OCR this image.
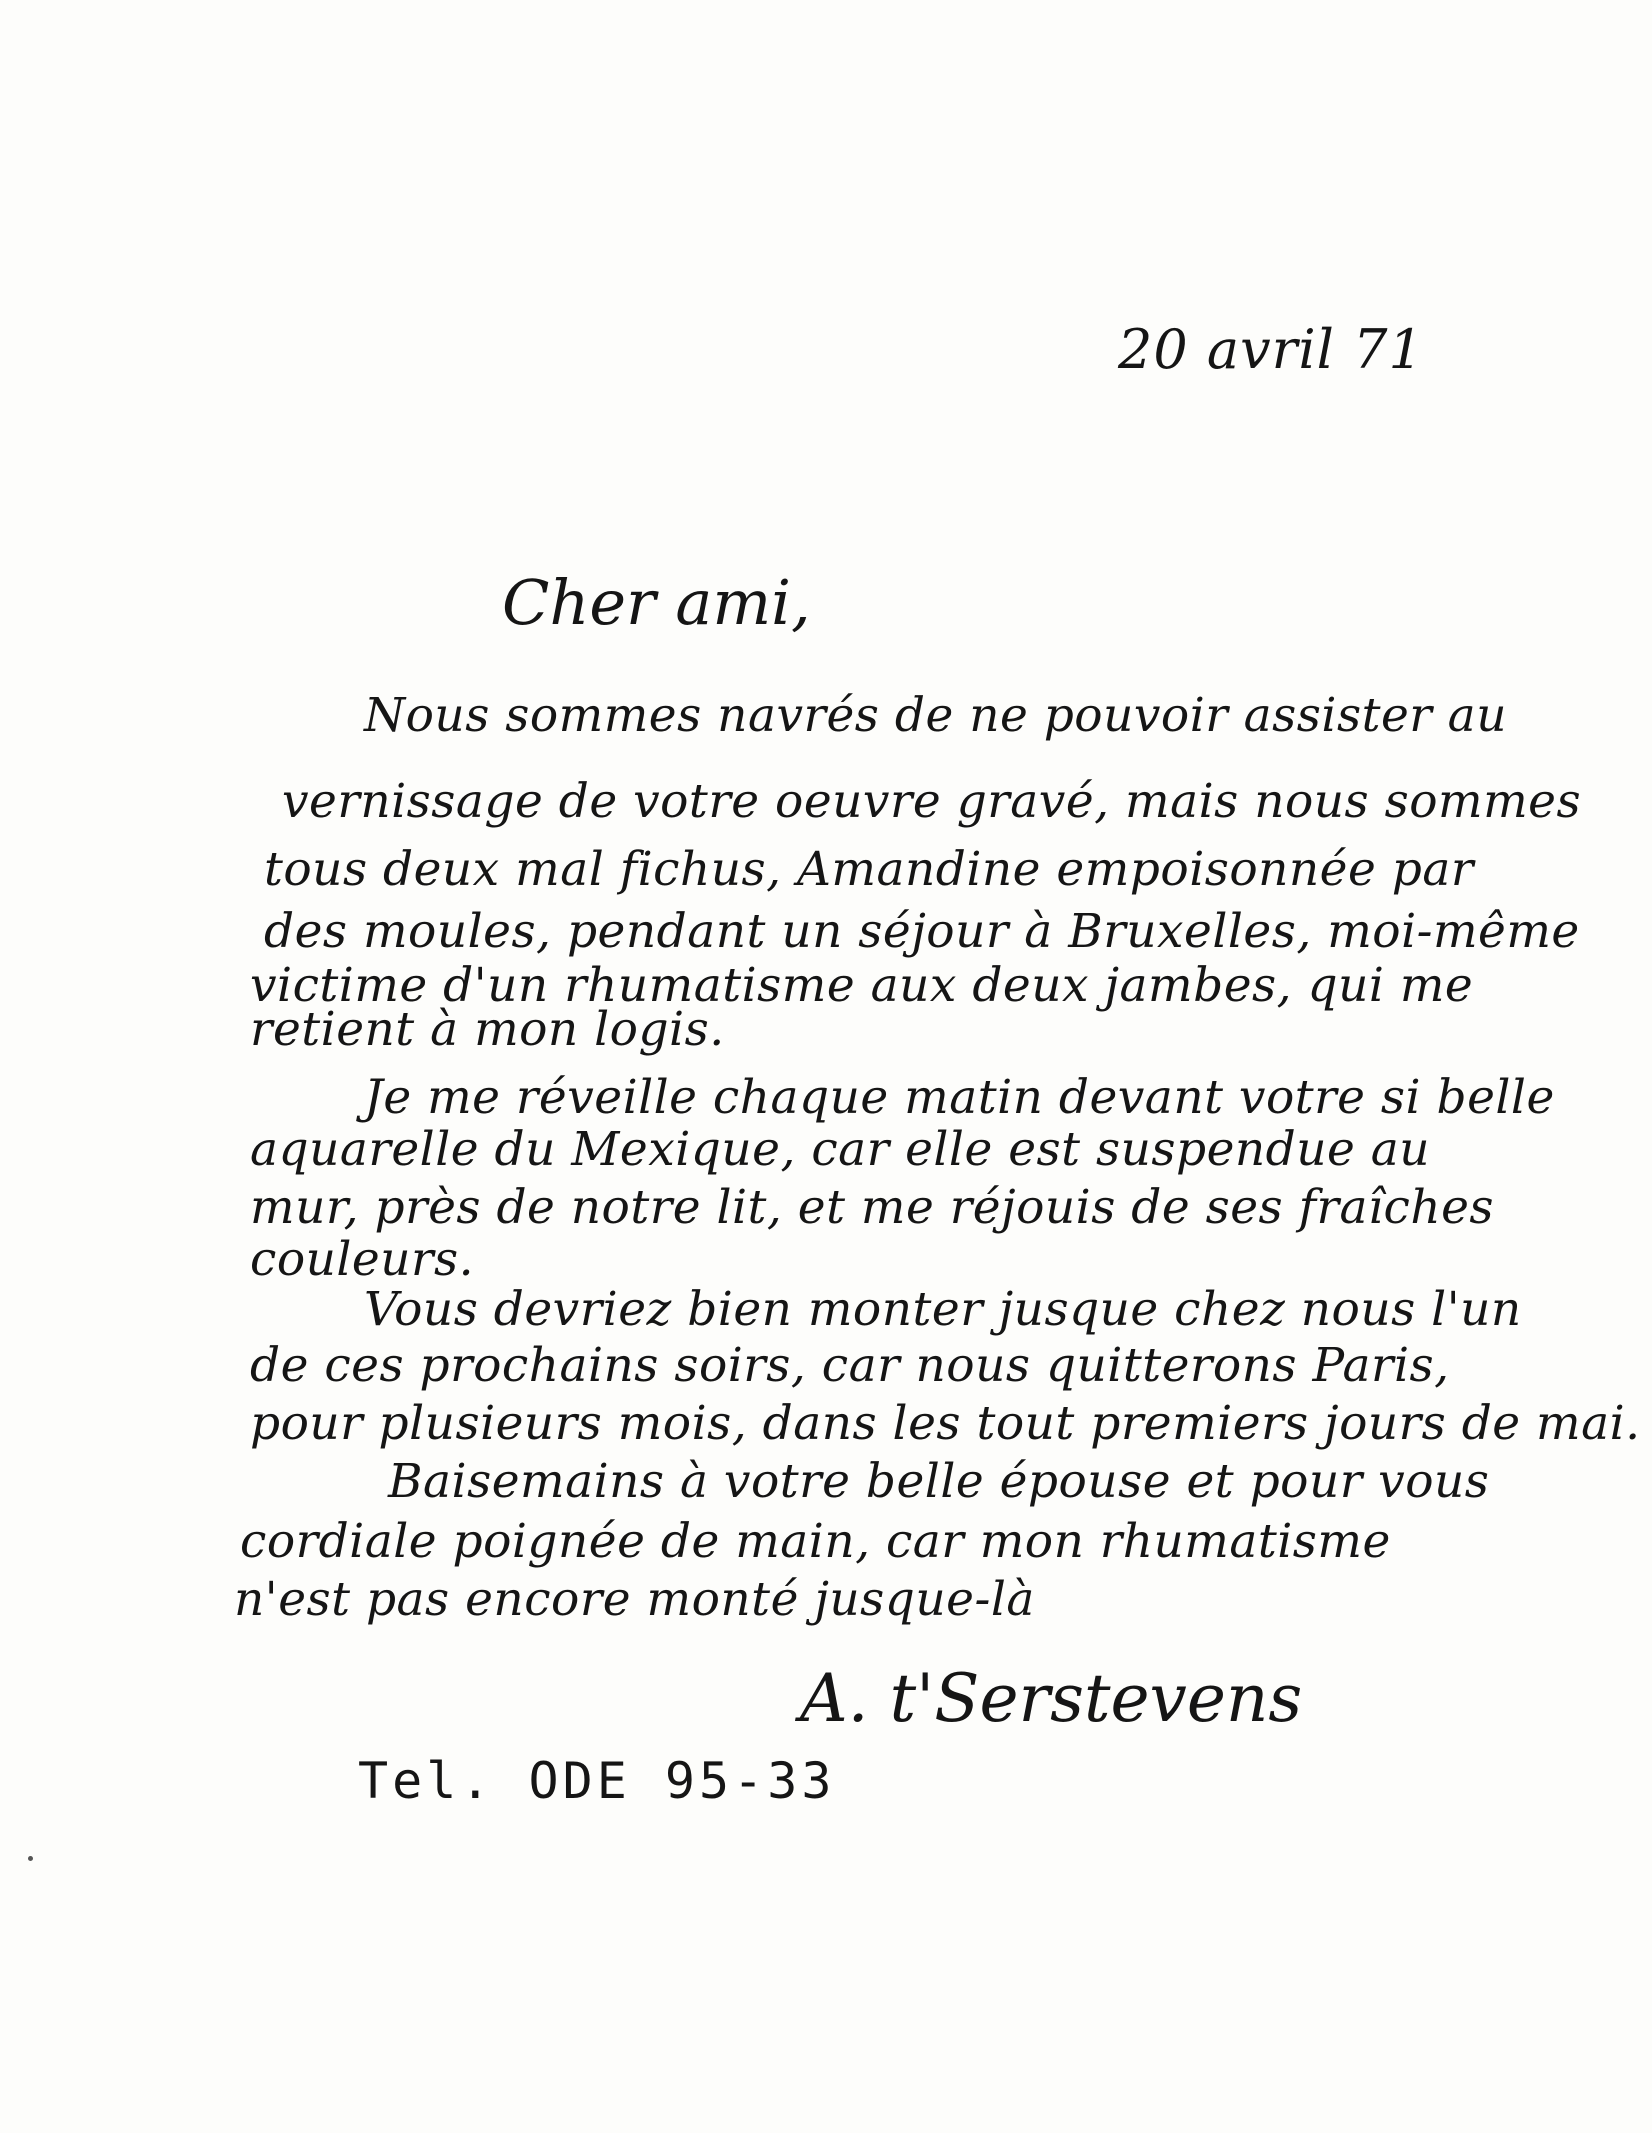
20 avril 71
Cher ami,
Nous sommes navrés de ne pouvoir assister au
vernissage de votre oeuvre gravé, mais nous sommes
tous deux mal fichus, Amandine empoisonnée par
des moules, pendant un séjour à Bruxelles, moi-même
victime d'un rhumatisme aux deux jambes, qui me
retient à mon logis.
Je me réveille chaque matin devant votre si belle
aquarelle du Mexique, car elle est suspendue au
mur, près de notre lit, et me réjouis de ses fraîches
couleurs.
Vous devriez bien monter jusque chez nous l'un
de ces prochains soirs, car nous quitterons Paris,
pour plusieurs mois, dans les tout premiers jours de mai.
Baisemains à votre belle épouse et pour vous
cordiale poignée de main, car mon rhumatisme
n'est pas encore monté jusque-là
A. t'Serstevens
Tel. ODE 95-33
